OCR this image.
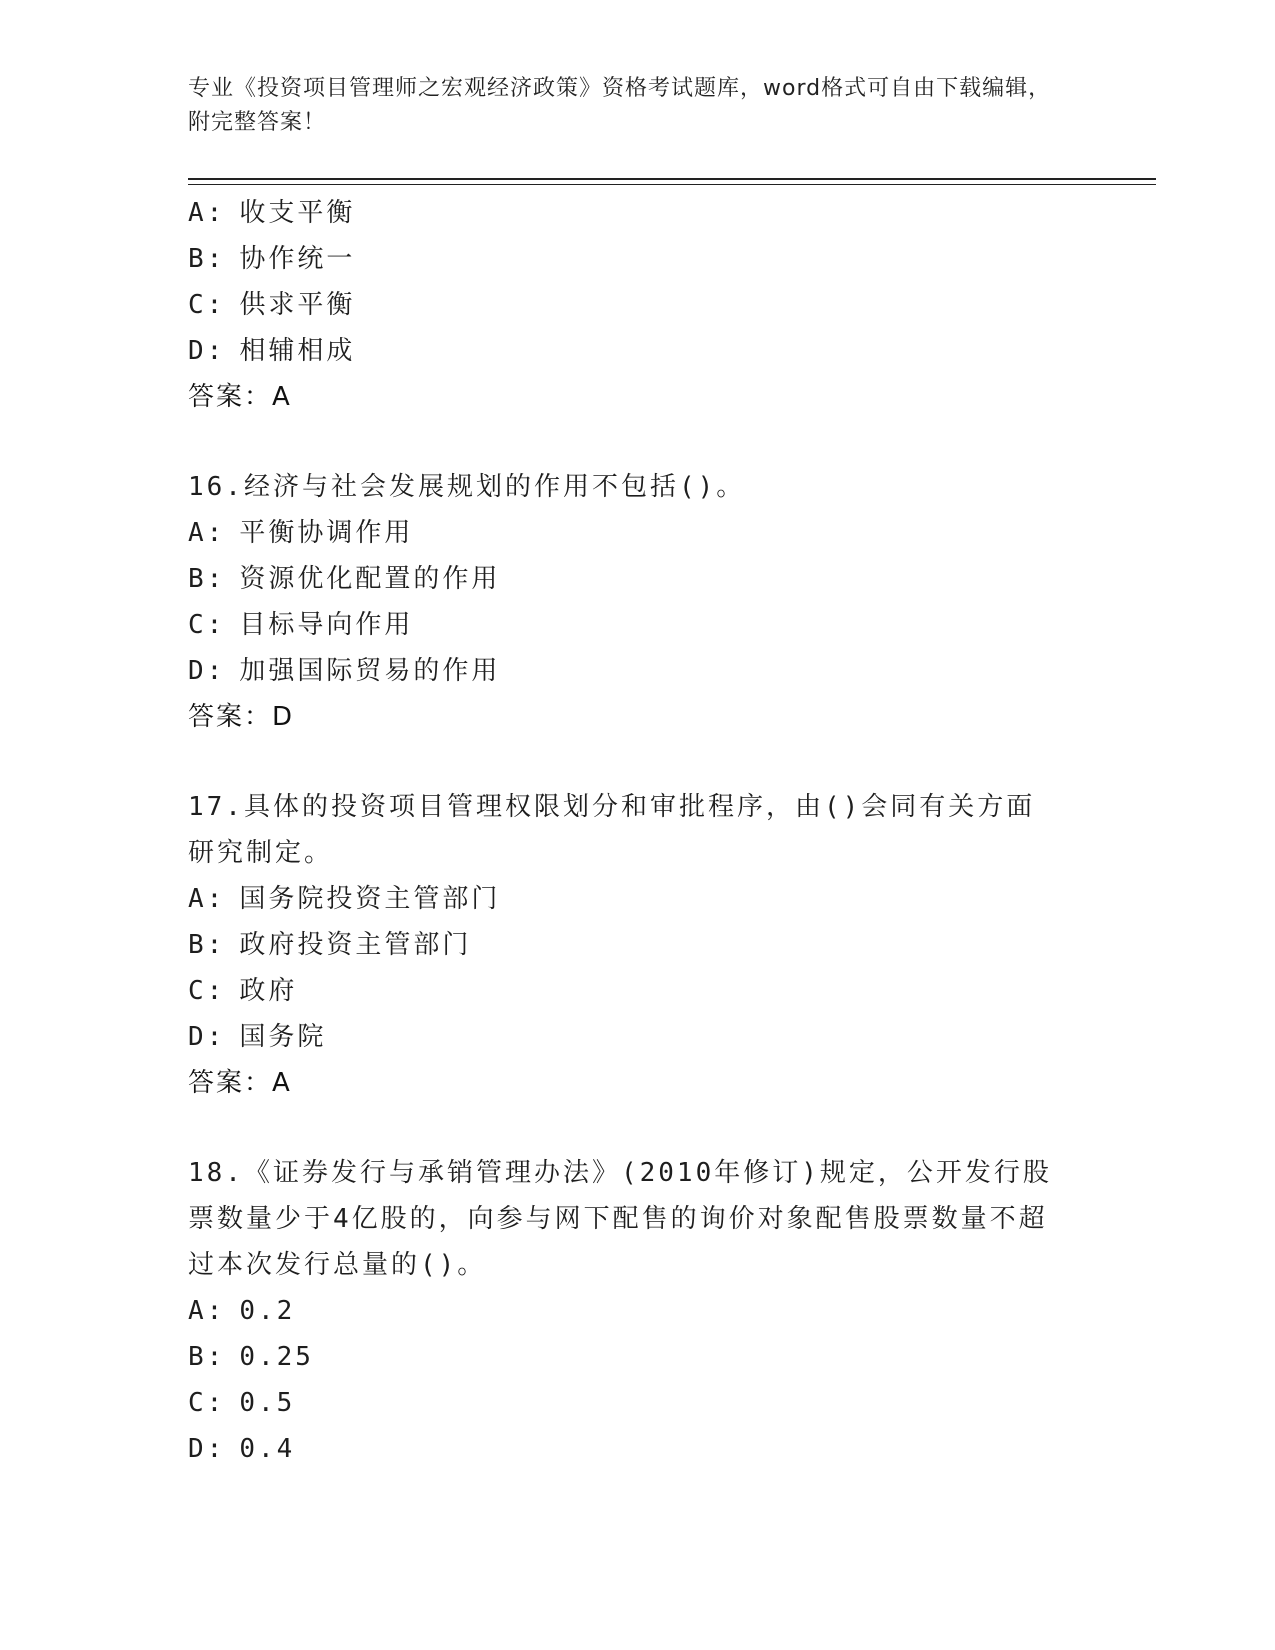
专业《投资项目管理师之宏观经济政策》资格考试题库，word格式可自由下载编辑，附完整答案！
A: 收支平衡
B: 协作统一
C: 供求平衡
D: 相辅相成
答案：A
16.经济与社会发展规划的作用不包括()。
A: 平衡协调作用
B: 资源优化配置的作用
C: 目标导向作用
D: 加强国际贸易的作用
答案：D
17.具体的投资项目管理权限划分和审批程序，由()会同有关方面研究制定。
A: 国务院投资主管部门
B: 政府投资主管部门
C: 政府
D: 国务院
答案：A
18.《证券发行与承销管理办法》(2010年修订)规定，公开发行股票数量少于4亿股的，向参与网下配售的询价对象配售股票数量不超过本次发行总量的()。
A: 0.2
B: 0.25
C: 0.5
D: 0.4
